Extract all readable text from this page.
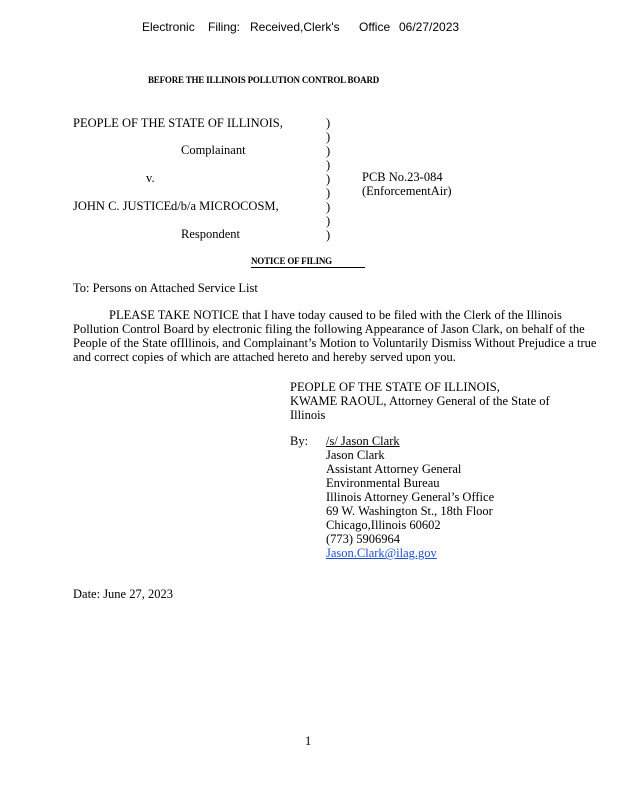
Electronic Filing: Received,Clerk's Office 06/27/2023
BEFORE THE ILLINOIS POLLUTION CONTROL BOARD
PEOPLE OF THE STATE OF ILLINOIS,
Complainant
v.
JOHN C. JUSTICE d/b/a MICROCOSM,
Respondent
)
)
)
)
)
)
)
)
)
PCB No.23-084
(EnforcementAir)
NOTICE OF FILING
To: Persons on Attached Service List
PLEASE TAKE NOTICE that I have today caused to be filed with the Clerk of the Illinois Pollution Control Board by electronic filing the following Appearance of Jason Clark, on behalf of the People of the State ofIllinois, and Complainant’s Motion to Voluntarily Dismiss Without Prejudice a true and correct copies of which are attached hereto and hereby served upon you.
PEOPLE OF THE STATE OF ILLINOIS,
KWAME RAOUL, Attorney General of the State of
Illinois
By: /s/ Jason Clark
Jason Clark
Assistant Attorney General
Environmental Bureau
Illinois Attorney General’s Office
69 W. Washington St., 18th Floor
Chicago,Illinois 60602
(773) 5906964
Jason.Clark@ilag.gov
Date: June 27, 2023
1
